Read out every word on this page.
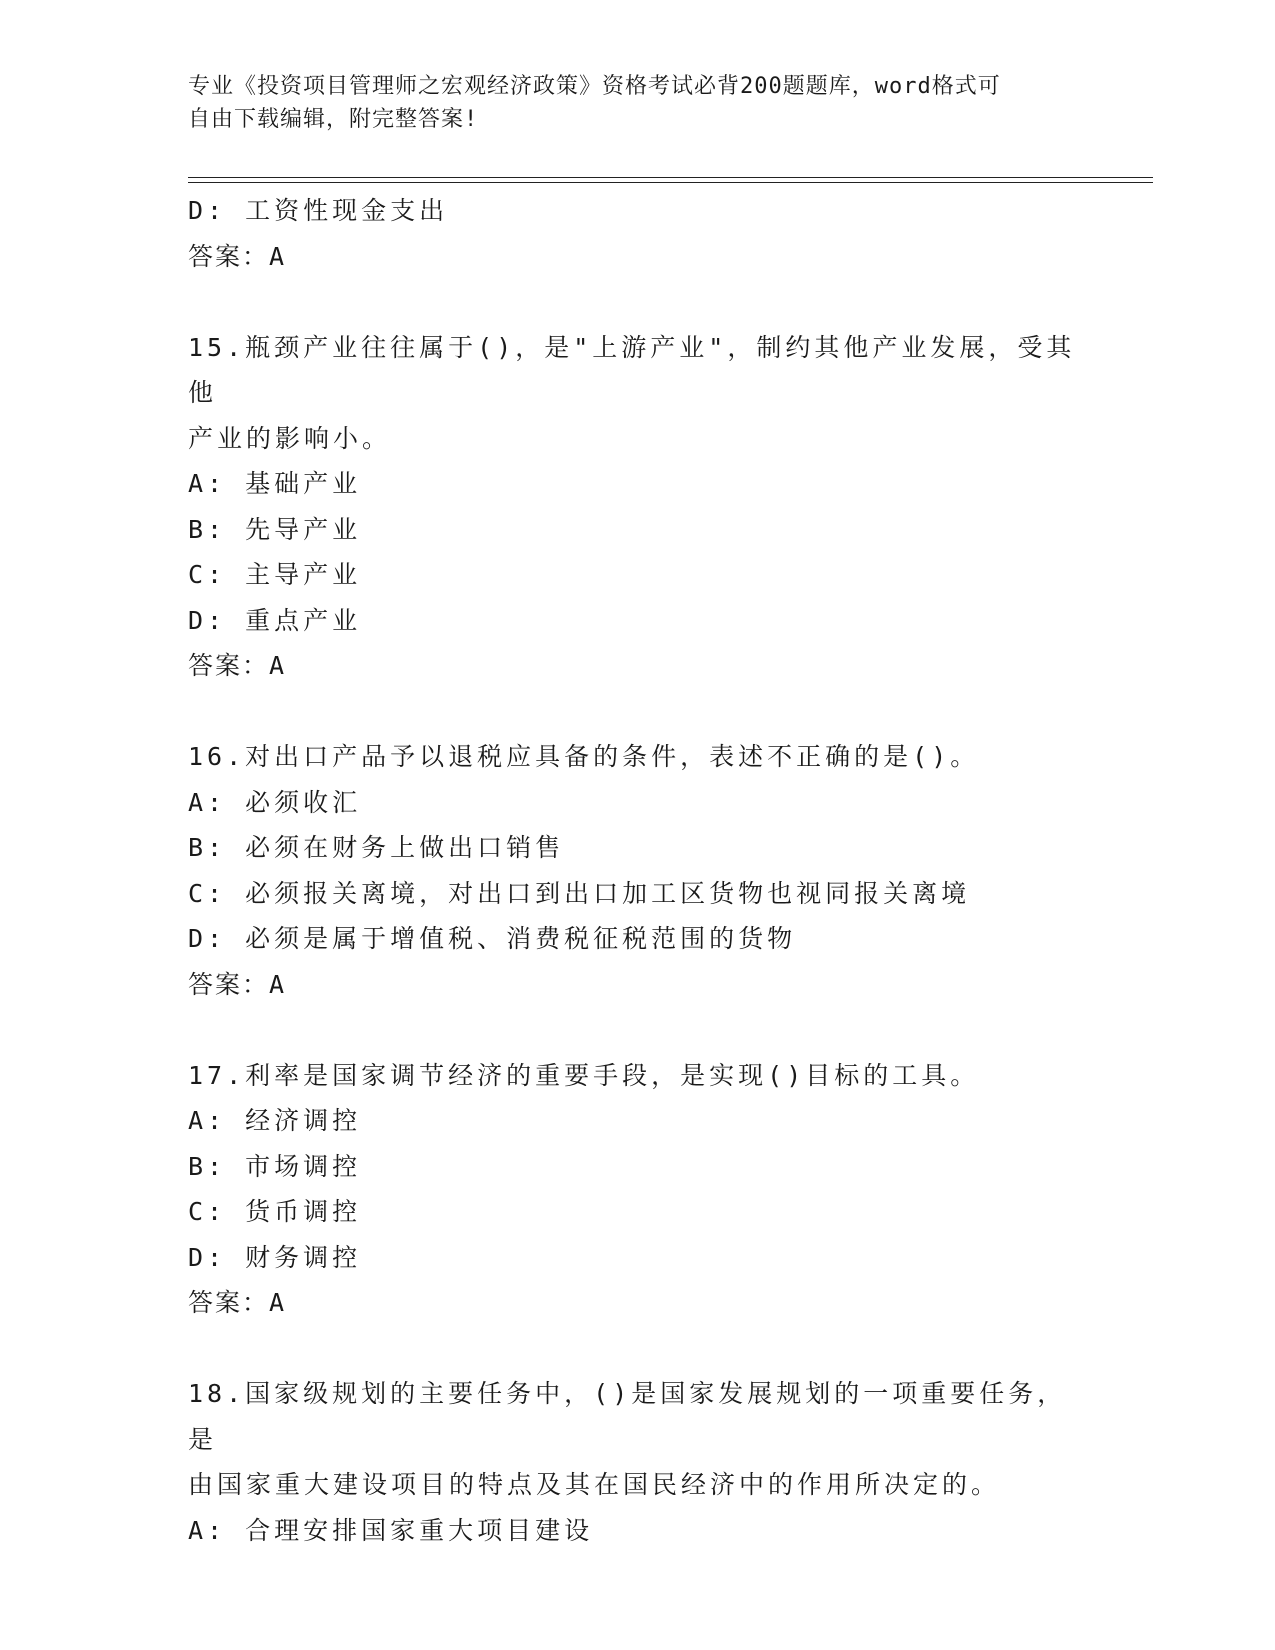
专业《投资项目管理师之宏观经济政策》资格考试必背200题题库，word格式可
自由下载编辑，附完整答案!
D: 工资性现金支出
答案：A
15.瓶颈产业往往属于()，是"上游产业"，制约其他产业发展，受其他
产业的影响小。
A: 基础产业
B: 先导产业
C: 主导产业
D: 重点产业
答案：A
16.对出口产品予以退税应具备的条件，表述不正确的是()。
A: 必须收汇
B: 必须在财务上做出口销售
C: 必须报关离境，对出口到出口加工区货物也视同报关离境
D: 必须是属于增值税、消费税征税范围的货物
答案：A
17.利率是国家调节经济的重要手段，是实现()目标的工具。
A: 经济调控
B: 市场调控
C: 货币调控
D: 财务调控
答案：A
18.国家级规划的主要任务中，()是国家发展规划的一项重要任务，是
由国家重大建设项目的特点及其在国民经济中的作用所决定的。
A: 合理安排国家重大项目建设
